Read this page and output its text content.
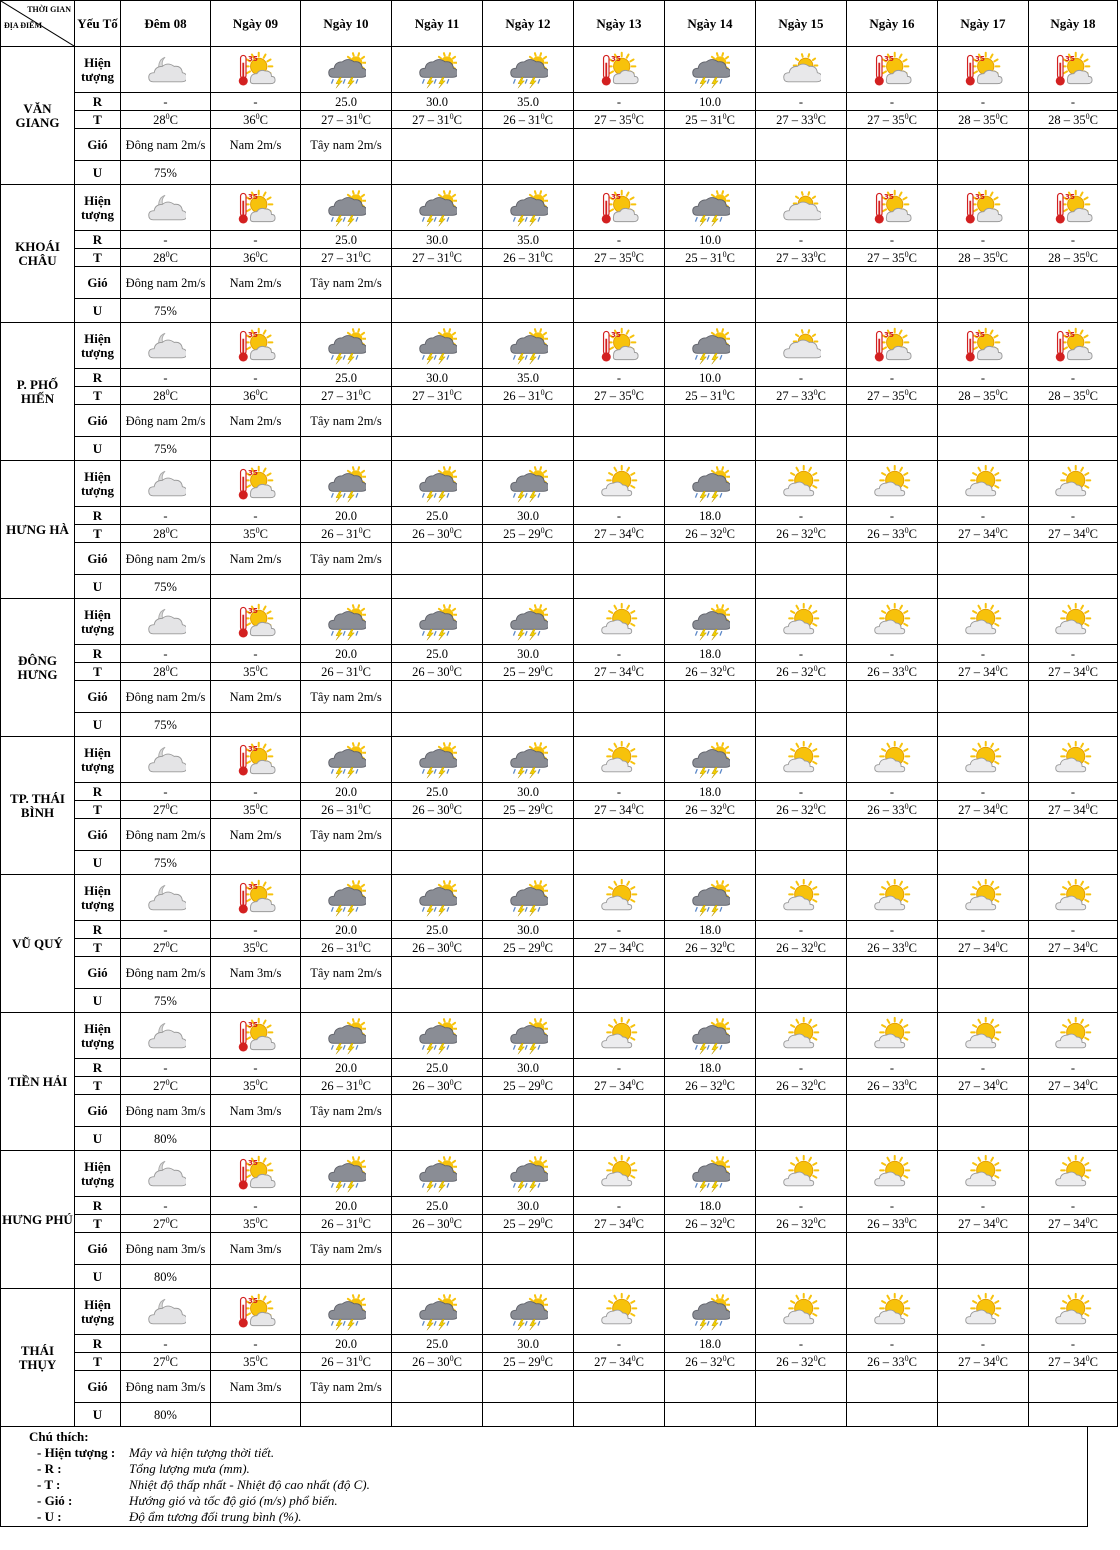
THỜI GIAN
ĐỊA ĐIỂM	Yếu Tố	Đêm 08	Ngày 09	Ngày 10	Ngày 11	Ngày 12	Ngày 13	Ngày 14	Ngày 15	Ngày 16	Ngày 17	Ngày 18
VĂN GIANG	Hiện tượng		35				35			35	35	35

	R	-	-	25.0	30.0	35.0	-	10.0	-	-	-	-
	T	$28^0C$	$36^0C$	$27 - 31^0C$	$27 - 31^0C$	$26 - 31^0C$	$27 - 35^0C$	$25 - 31^0C$	$27 - 33^0C$	$27 - 35^0C$	$28 - 35^0C$	$28 - 35^0C$
	Gió	Đông nam 2m/s	Nam 2m/s	Tây nam 2m/s								
	U	75%										
KHOÁI CHÂU	Hiện tượng		35				35			35	35	35

	R	-	-	25.0	30.0	35.0	-	10.0	-	-	-	-
	T	$28^0C$	$36^0C$	$27 - 31^0C$	$27 - 31^0C$	$26 - 31^0C$	$27 - 35^0C$	$25 - 31^0C$	$27 - 33^0C$	$27 - 35^0C$	$28 - 35^0C$	$28 - 35^0C$
	Gió	Đông nam 2m/s	Nam 2m/s	Tây nam 2m/s								
	U	75%										
P. PHỐ HIẾN	Hiện tượng		35				35			35	35	35

	R	-	-	25.0	30.0	35.0	-	10.0	-	-	-	-
	T	$28^0C$	$36^0C$	$27 - 31^0C$	$27 - 31^0C$	$26 - 31^0C$	$27 - 35^0C$	$25 - 31^0C$	$27 - 33^0C$	$27 - 35^0C$	$28 - 35^0C$	$28 - 35^0C$
	Gió	Đông nam 2m/s	Nam 2m/s	Tây nam 2m/s								
	U	75%										
HƯNG HÀ	Hiện tượng		35

	R	-	-	20.0	25.0	30.0	-	18.0	-	-	-	-
	T	$28^0C$	$35^0C$	$26 - 31^0C$	$26 - 30^0C$	$25 - 29^0C$	$27 - 34^0C$	$26 - 32^0C$	$26 - 32^0C$	$26 - 33^0C$	$27 - 34^0C$	$27 - 34^0C$
	Gió	Đông nam 2m/s	Nam 2m/s	Tây nam 2m/s								
	U	75%										
ĐÔNG HƯNG	Hiện tượng		35

	R	-	-	20.0	25.0	30.0	-	18.0	-	-	-	-
	T	$28^0C$	$35^0C$	$26 - 31^0C$	$26 - 30^0C$	$25 - 29^0C$	$27 - 34^0C$	$26 - 32^0C$	$26 - 32^0C$	$26 - 33^0C$	$27 - 34^0C$	$27 - 34^0C$
	Gió	Đông nam 2m/s	Nam 2m/s	Tây nam 2m/s								
	U	75%										
TP. THÁI BÌNH	Hiện tượng		35

	R	-	-	20.0	25.0	30.0	-	18.0	-	-	-	-
	T	$27^0C$	$35^0C$	$26 - 31^0C$	$26 - 30^0C$	$25 - 29^0C$	$27 - 34^0C$	$26 - 32^0C$	$26 - 32^0C$	$26 - 33^0C$	$27 - 34^0C$	$27 - 34^0C$
	Gió	Đông nam 2m/s	Nam 2m/s	Tây nam 2m/s								
	U	75%										
VŨ QUÝ	Hiện tượng		35

	R	-	-	20.0	25.0	30.0	-	18.0	-	-	-	-
	T	$27^0C$	$35^0C$	$26 - 31^0C$	$26 - 30^0C$	$25 - 29^0C$	$27 - 34^0C$	$26 - 32^0C$	$26 - 32^0C$	$26 - 33^0C$	$27 - 34^0C$	$27 - 34^0C$
	Gió	Đông nam 2m/s	Nam 3m/s	Tây nam 2m/s								
	U	75%										
TIỀN HẢI	Hiện tượng		35

	R	-	-	20.0	25.0	30.0	-	18.0	-	-	-	-
	T	$27^0C$	$35^0C$	$26 - 31^0C$	$26 - 30^0C$	$25 - 29^0C$	$27 - 34^0C$	$26 - 32^0C$	$26 - 32^0C$	$26 - 33^0C$	$27 - 34^0C$	$27 - 34^0C$
	Gió	Đông nam 3m/s	Nam 3m/s	Tây nam 2m/s								
	U	80%										
HƯNG PHÚ	Hiện tượng		35

	R	-	-	20.0	25.0	30.0	-	18.0	-	-	-	-
	T	$27^0C$	$35^0C$	$26 - 31^0C$	$26 - 30^0C$	$25 - 29^0C$	$27 - 34^0C$	$26 - 32^0C$	$26 - 32^0C$	$26 - 33^0C$	$27 - 34^0C$	$27 - 34^0C$
	Gió	Đông nam 3m/s	Nam 3m/s	Tây nam 2m/s								
	U	80%										
THÁI THỤY	Hiện tượng		35

	R	-	-	20.0	25.0	30.0	-	18.0	-	-	-	-
	T	$27^0C$	$35^0C$	$26 - 31^0C$	$26 - 30^0C$	$25 - 29^0C$	$27 - 34^0C$	$26 - 32^0C$	$26 - 32^0C$	$26 - 33^0C$	$27 - 34^0C$	$27 - 34^0C$
	Gió	Đông nam 3m/s	Nam 3m/s	Tây nam 2m/s								
	U	80%										
Chú thích:
- Hiện tượng :	Mây và hiện tượng thời tiết.
- R :	Tổng lượng mưa (mm).
- T :	Nhiệt độ thấp nhất - Nhiệt độ cao nhất (độ C).
- Gió :	Hướng gió và tốc độ gió (m/s) phổ biến.
- U :	Độ ẩm tương đối trung bình (%).
